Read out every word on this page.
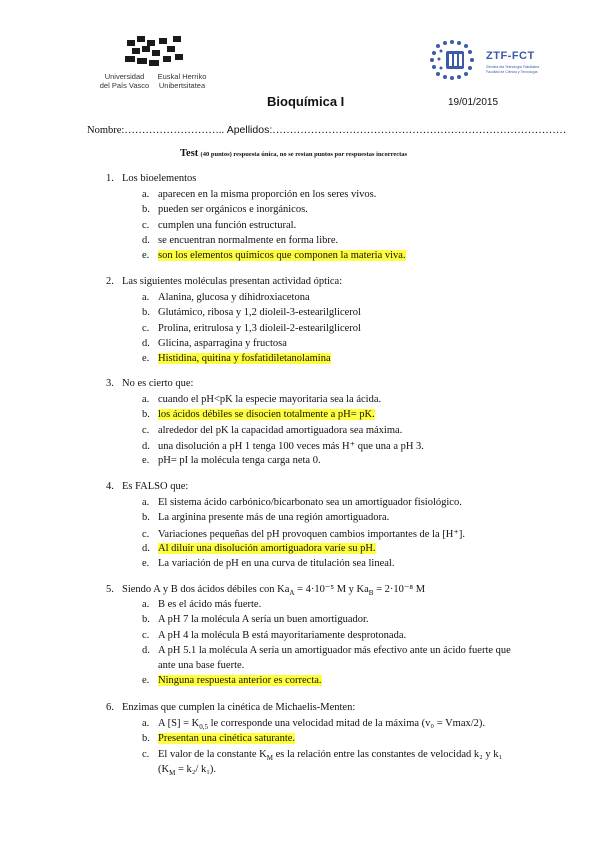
Universidad
del País Vasco
Euskal Herriko
Unibertsitatea
ZTF-FCT
Zientzia eta Teknologia Fakultatea
Facultad de Ciencia y Tecnología
Bioquímica I	19/01/2015
Nombre:……………………….. Apellidos:…………………………………………………………………………
Test (40 puntos) respuesta única, no se restan puntos por respuestas incorrectas
1. Los bioelementos
a. aparecen en la misma proporción en los seres vivos.
b. pueden ser orgánicos e inorgánicos.
c. cumplen una función estructural.
d. se encuentran normalmente en forma libre.
e. son los elementos químicos que componen la materia viva.
2. Las siguientes moléculas presentan actividad óptica:
a. Alanina, glucosa y dihidroxiacetona
b. Glutámico, ribosa y 1,2 dioleil-3-estearilglicerol
c. Prolina, eritrulosa y 1,3 dioleil-2-estearilglicerol
d. Glicina, asparragina y fructosa
e. Histidina, quitina y fosfatidiletanolamina
3. No es cierto que:
a. cuando el pH<pK la especie mayoritaria sea la ácida.
b. los ácidos débiles se disocien totalmente a pH= pK.
c. alrededor del pK la capacidad amortiguadora sea máxima.
d. una disolución a pH 1 tenga 100 veces más H⁺ que una a pH 3.
e. pH= pI la molécula tenga carga neta 0.
4. Es FALSO que:
a. El sistema ácido carbónico/bicarbonato sea un amortiguador fisiológico.
b. La arginina presente más de una región amortiguadora.
c. Variaciones pequeñas del pH provoquen cambios importantes de la [H⁺].
d. Al diluir una disolución amortiguadora varíe su pH.
e. La variación de pH en una curva de titulación sea lineal.
5. Siendo A y B dos ácidos débiles con $Ka_A = 4\cdot 10^{-5}$ M y $Ka_B = 2\cdot 10^{-8}$ M
a. B es el ácido más fuerte.
b. A pH 7 la molécula A sería un buen amortiguador.
c. A pH 4 la molécula B está mayoritariamente desprotonada.
d. A pH 5.1 la molécula A sería un amortiguador más efectivo ante un ácido fuerte que
ante una base fuerte.
e. Ninguna respuesta anterior es correcta.
6. Enzimas que cumplen la cinética de Michaelis-Menten:
a. A $[S] = K_{0,5}$ le corresponde una velocidad mitad de la máxima (v₀ = Vmax/2).
b. Presentan una cinética saturante.
c. El valor de la constante $K_M$ es la relación entre las constantes de velocidad k₂ y k₁
($K_M = k_2/$ k₁).
